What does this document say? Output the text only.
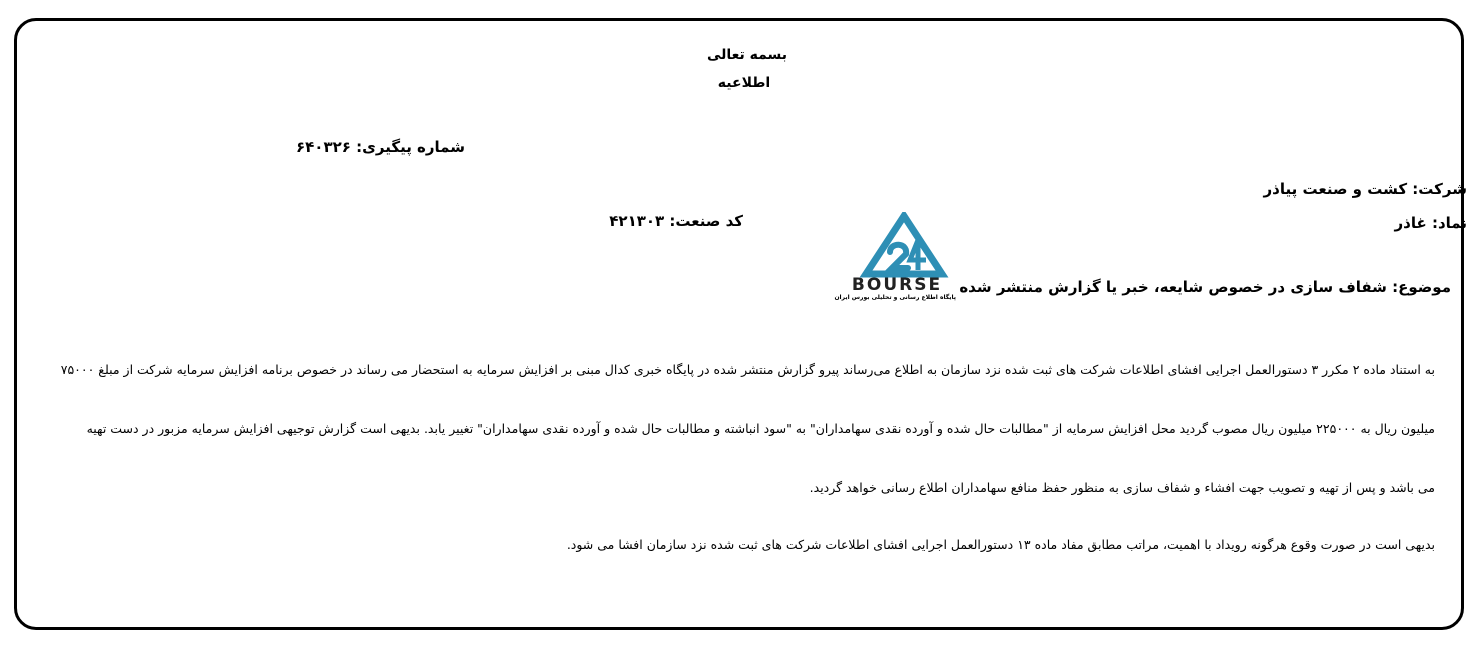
بسمه تعالی
اطلاعیه
شماره پیگیری: ۶۴۰۳۲۶
شرکت: کشت و صنعت پیاذر
نماد: غاذر
کد صنعت: ۴۲۱۳۰۳
BOURSE
پایگاه اطلاع رسانی و تحلیلی بورس ایران
موضوع: شفاف سازی در خصوص شایعه، خبر یا گزارش منتشر شده
به استناد ماده ۲ مکرر ۳ دستورالعمل اجرایی افشای اطلاعات شرکت های ثبت شده نزد سازمان به اطلاع می‌رساند پیرو گزارش منتشر شده در پایگاه خبری کدال مبنی بر افزایش سرمایه به استحضار می رساند در خصوص برنامه افزایش سرمایه شرکت از مبلغ ۷۵۰۰۰
میلیون ریال به ۲۲۵۰۰۰ میلیون ریال مصوب گردید محل افزایش سرمایه از "مطالبات حال شده و آورده نقدی سهامداران" به "سود انباشته و مطالبات حال شده و آورده نقدی سهامداران" تغییر یابد. بدیهی است گزارش توجیهی افزایش سرمایه مزبور در دست تهیه
می باشد و پس از تهیه و تصویب جهت افشاء و شفاف سازی به منظور حفظ منافع سهامداران اطلاع رسانی خواهد گردید.
بدیهی است در صورت وقوع هرگونه رویداد با اهمیت، مراتب مطابق مفاد ماده ۱۳ دستورالعمل اجرایی افشای اطلاعات شرکت های ثبت شده نزد سازمان افشا می شود.
